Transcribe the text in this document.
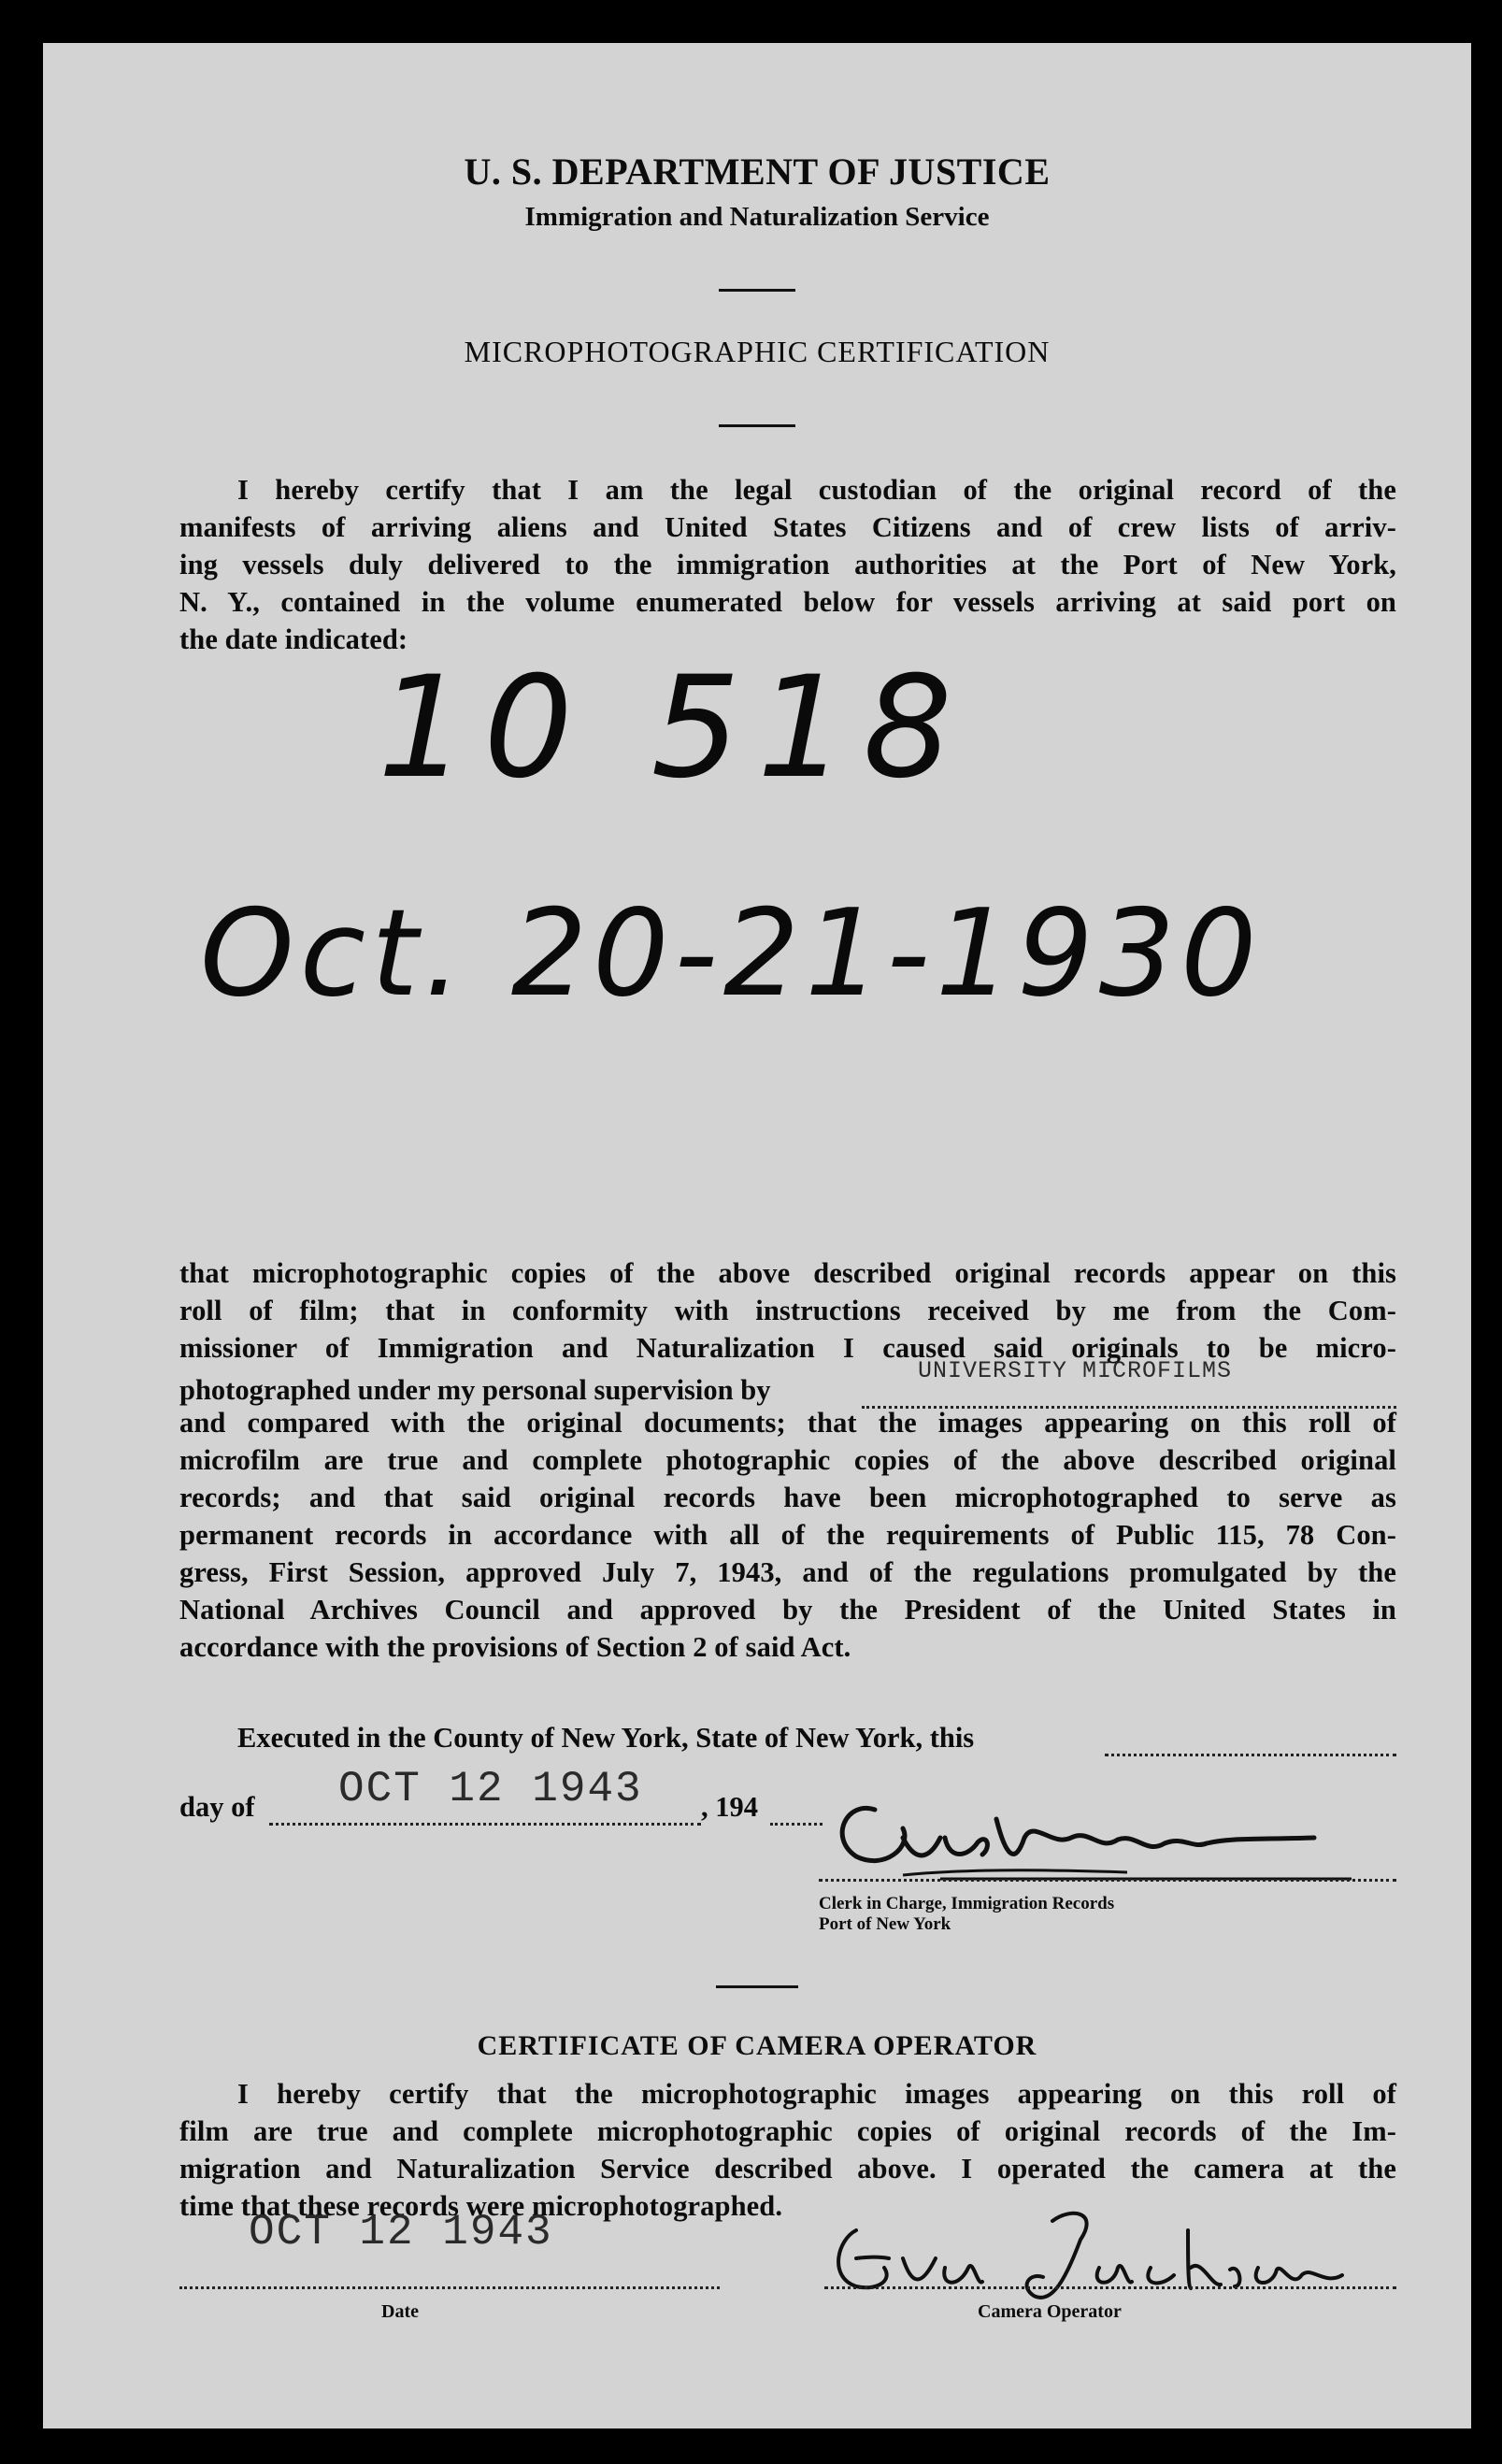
U. S. DEPARTMENT OF JUSTICE
Immigration and Naturalization Service
MICROPHOTOGRAPHIC CERTIFICATION
I hereby certify that I am the legal custodian of the original record of the
manifests of arriving aliens and United States Citizens and of crew lists of arriv-
ing vessels duly delivered to the immigration authorities at the Port of New York,
N. Y., contained in the volume enumerated below for vessels arriving at said port on
the date indicated:
10 518
Oct. 20-21-1930
that microphotographic copies of the above described original records appear on this
roll of film; that in conformity with instructions received by me from the Com-
missioner of Immigration and Naturalization I caused said originals to be micro-
photographed under my personal supervision by
UNIVERSITY MICROFILMS
and compared with the original documents; that the images appearing on this roll of
microfilm are true and complete photographic copies of the above described original
records; and that said original records have been microphotographed to serve as
permanent records in accordance with all of the requirements of Public 115, 78 Con-
gress, First Session, approved July 7, 1943, and of the regulations promulgated by the
National Archives Council and approved by the President of the United States in
accordance with the provisions of Section 2 of said Act.
Executed in the County of New York, State of New York, this
day of OCT 12 1943 , 194
Clerk in Charge, Immigration Records
Port of New York
CERTIFICATE OF CAMERA OPERATOR
I hereby certify that the microphotographic images appearing on this roll of
film are true and complete microphotographic copies of original records of the Im-
migration and Naturalization Service described above. I operated the camera at the
time that these records were microphotographed.
OCT 12 1943
Date	Camera Operator
